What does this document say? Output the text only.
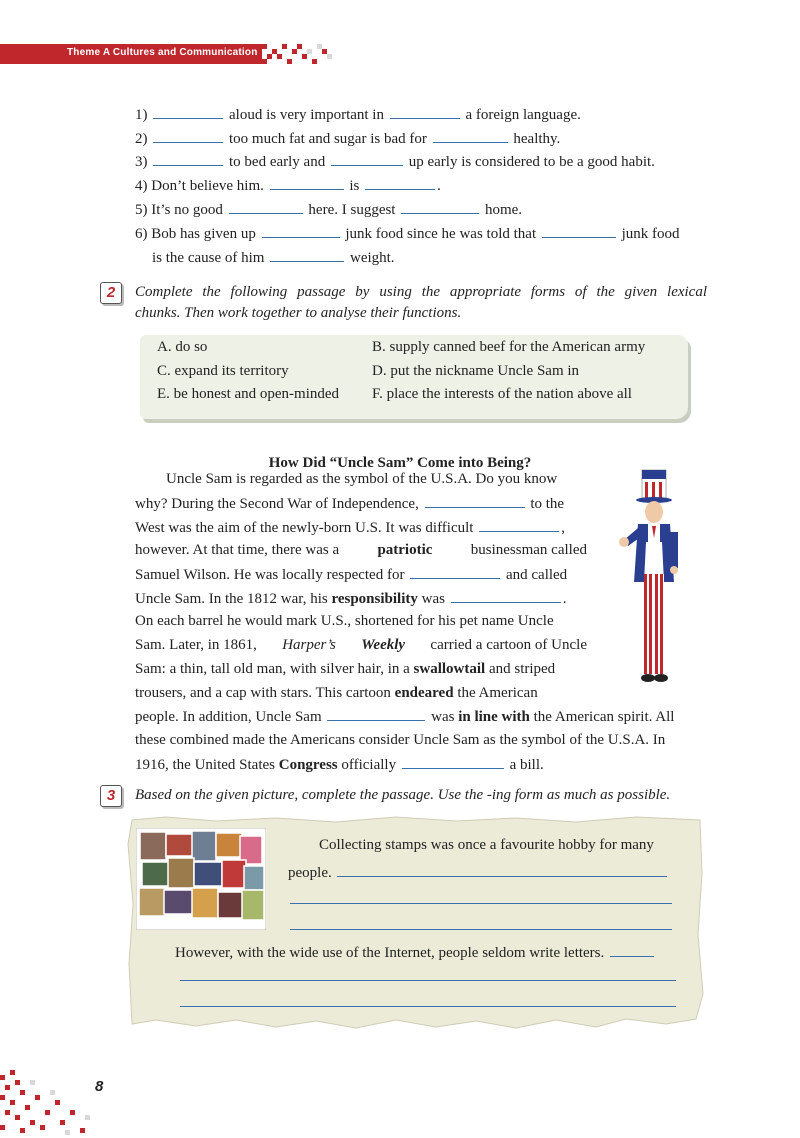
Theme A Cultures and Communication
1)	aloud is very important in	a foreign language.
2)	too much fat and sugar is bad for	healthy.
3)	to bed early and	up early is considered to be a good habit.
4) Don’t believe him.	is	.
5) It’s no good	here. I suggest	home.
6) Bob has given up	junk food since he was told that	junk food
is the cause of him	weight.
2	Complete the following passage by using the appropriate forms of the given lexical
chunks. Then work together to analyse their functions.
A. do so	B. supply canned beef for the American army
C. expand its territory	D. put the nickname Uncle Sam in
E. be honest and open-minded F. place the interests of the nation above all
How Did “Uncle Sam” Come into Being?
Uncle Sam is regarded as the symbol of the U.S.A. Do you know
why? During the Second War of Independence,	to the
West was the aim of the newly-born U.S. It was difficult	,
however. At that time, there was a	patriotic	businessman called
Samuel Wilson. He was locally respected for	and called
Uncle Sam. In the 1812 war, his responsibility was	.
On each barrel he would mark U.S., shortened for his pet name Uncle
Sam. Later, in 1861, Harper’s Weekly carried a cartoon of Uncle
Sam: a thin, tall old man, with silver hair, in a swallowtail and striped
trousers, and a cap with stars. This cartoon endeared the American
people. In addition, Uncle Sam	was in line with the American spirit. All
these combined made the Americans consider Uncle Sam as the symbol of the U.S.A. In
1916, the United States Congress officially	a bill.
3	Based on the given picture, complete the passage. Use the -ing form as much as possible.
Collecting stamps was once a favourite hobby for many
people.
However, with the wide use of the Internet, people seldom write letters.
8
